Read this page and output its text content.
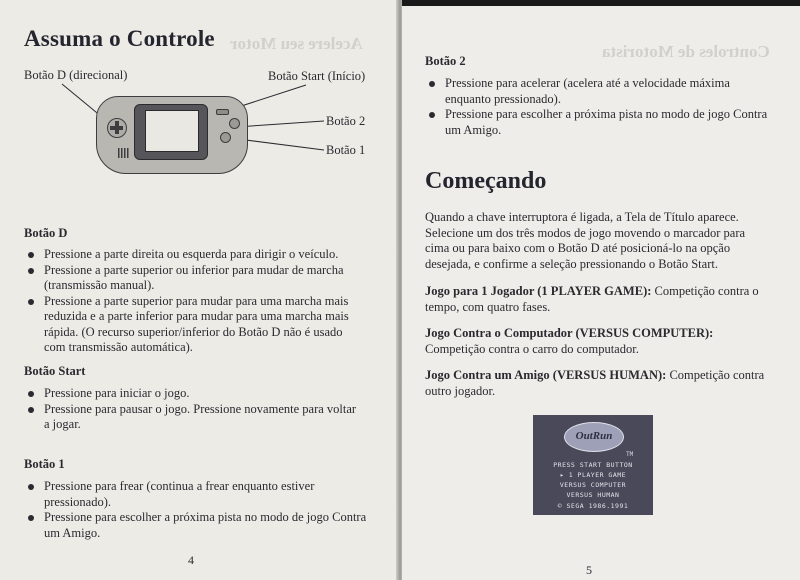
Acelere seu Motor
Assuma o Controle
Botão D (direcional)	Botão Start (Início)
Botão 2
Botão 1
Botão D
Pressione a parte direita ou esquerda para dirigir o veículo.
Pressione a parte superior ou inferior para mudar de marcha (transmissão manual).
Pressione a parte superior para mudar para uma marcha mais reduzida e a parte inferior para mudar para uma marcha mais rápida. (O recurso superior/inferior do Botão D não é usado com transmissão automática).
Botão Start
Pressione para iniciar o jogo.
Pressione para pausar o jogo. Pressione novamente para voltar a jogar.
Botão 1
Pressione para frear (continua a frear enquanto estiver pressionado).
Pressione para escolher a próxima pista no modo de jogo Contra um Amigo.
4
Controles de Motorista
Botão 2
Pressione para acelerar (acelera até a velocidade máxima enquanto pressionado).
Pressione para escolher a próxima pista no modo de jogo Contra um Amigo.
Começando

Quando a chave interruptora é ligada, a Tela de Título aparece. Selecione um dos três modos de jogo movendo o marcador para cima ou para baixo com o Botão D até posicioná-lo na opção desejada, e confirme a seleção pressionando o Botão Start.

Jogo para 1 Jogador (1 PLAYER GAME): Competição contra o tempo, com quatro fases.

Jogo Contra o Computador (VERSUS COMPUTER): Competição contra o carro do computador.

Jogo Contra um Amigo (VERSUS HUMAN): Competição contra outro jogador.

5
OutRun
TM
PRESS START BUTTON
▸ 1 PLAYER GAME
VERSUS COMPUTER
VERSUS HUMAN
© SEGA 1986.1991
